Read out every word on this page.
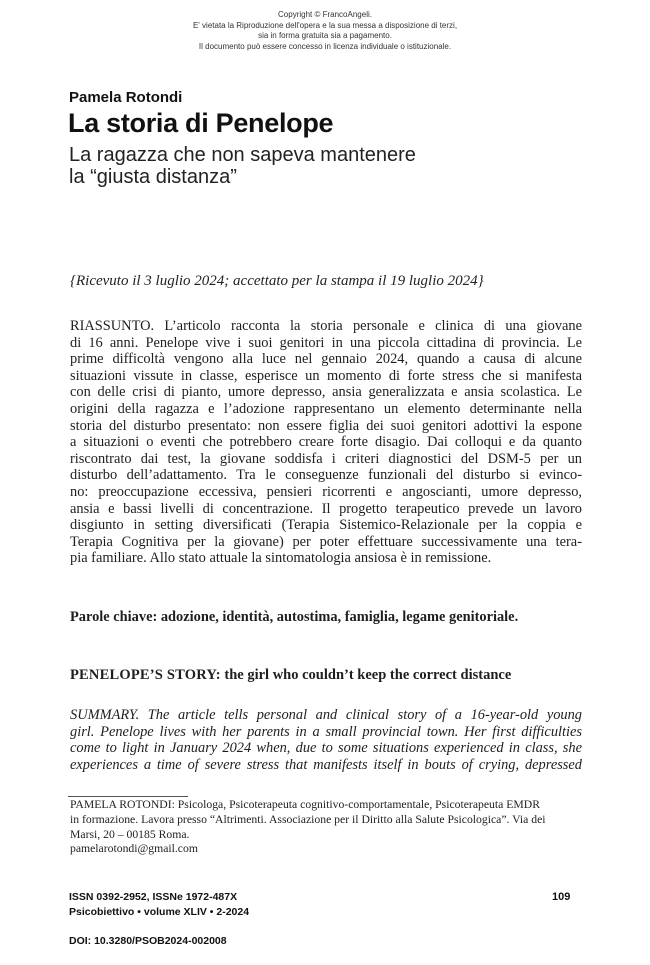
Copyright © FrancoAngeli.
E' vietata la Riproduzione dell'opera e la sua messa a disposizione di terzi,
sia in forma gratuita sia a pagamento.
Il documento può essere concesso in licenza individuale o istituzionale.
Pamela Rotondi
La storia di Penelope
La ragazza che non sapeva mantenere
la “giusta distanza”
{Ricevuto il 3 luglio 2024; accettato per la stampa il 19 luglio 2024}
RIASSUNTO. L’articolo racconta la storia personale e clinica di una giovane
di 16 anni. Penelope vive i suoi genitori in una piccola cittadina di provincia. Le
prime difficoltà vengono alla luce nel gennaio 2024, quando a causa di alcune
situazioni vissute in classe, esperisce un momento di forte stress che si manifesta
con delle crisi di pianto, umore depresso, ansia generalizzata e ansia scolastica. Le
origini della ragazza e l’adozione rappresentano un elemento determinante nella
storia del disturbo presentato: non essere figlia dei suoi genitori adottivi la espone
a situazioni o eventi che potrebbero creare forte disagio. Dai colloqui e da quanto
riscontrato dai test, la giovane soddisfa i criteri diagnostici del DSM-5 per un
disturbo dell’adattamento. Tra le conseguenze funzionali del disturbo si evinco-
no: preoccupazione eccessiva, pensieri ricorrenti e angoscianti, umore depresso,
ansia e bassi livelli di concentrazione. Il progetto terapeutico prevede un lavoro
disgiunto in setting diversificati (Terapia Sistemico-Relazionale per la coppia e
Terapia Cognitiva per la giovane) per poter effettuare successivamente una tera-
pia familiare. Allo stato attuale la sintomatologia ansiosa è in remissione.
Parole chiave: adozione, identità, autostima, famiglia, legame genitoriale.
PENELOPE’S STORY: the girl who couldn’t keep the correct distance
SUMMARY. The article tells personal and clinical story of a 16-year-old young
girl. Penelope lives with her parents in a small provincial town. Her first difficulties
come to light in January 2024 when, due to some situations experienced in class, she
experiences a time of severe stress that manifests itself in bouts of crying, depressed
PAMELA ROTONDI: Psicologa, Psicoterapeuta cognitivo-comportamentale, Psicoterapeuta EMDR
in formazione. Lavora presso “Altrimenti. Associazione per il Diritto alla Salute Psicologica”. Via dei
Marsi, 20 – 00185 Roma.
pamelarotondi@gmail.com
ISSN 0392-2952, ISSNe 1972-487X
Psicobiettivo • volume XLIV • 2-2024
109
DOI: 10.3280/PSOB2024-002008
